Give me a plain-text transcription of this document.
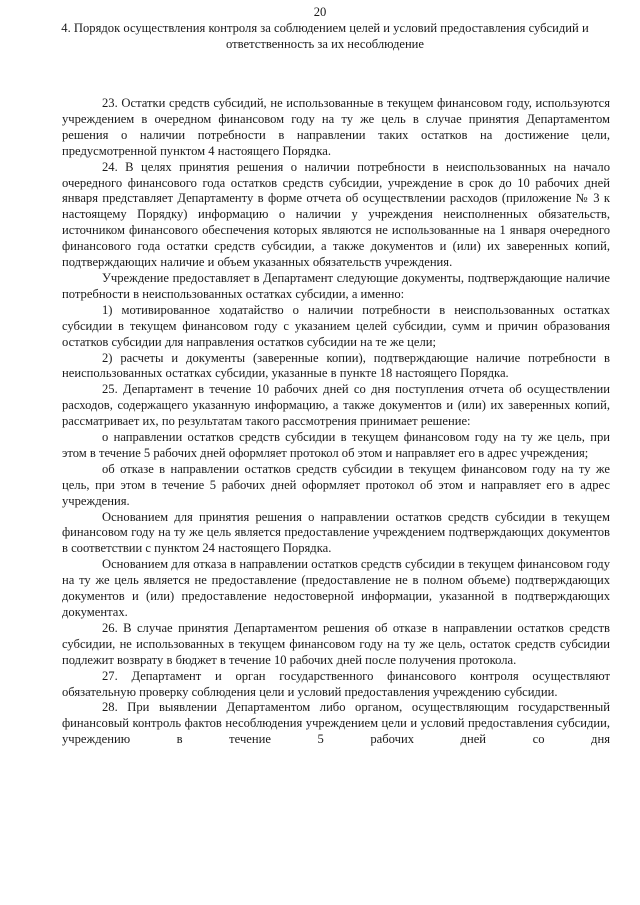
20
4. Порядок осуществления контроля за соблюдением целей и условий предоставления субсидий и ответственность за их несоблюдение

23. Остатки средств субсидий, не использованные в текущем финансовом году, используются учреждением в очередном финансовом году на ту же цель в случае принятия Департаментом решения о наличии потребности в направлении таких остатков на достижение цели, предусмотренной пунктом 4 настоящего Порядка.

24. В целях принятия решения о наличии потребности в неиспользованных на начало очередного финансового года остатков средств субсидии, учреждение в срок до 10 рабочих дней января представляет Департаменту в форме отчета об осуществлении расходов (приложение № 3 к настоящему Порядку) информацию о наличии у учреждения неисполненных обязательств, источником финансового обеспечения которых являются не использованные на 1 января очередного финансового года остатки средств субсидии, а также документов и (или) их заверенных копий, подтверждающих наличие и объем указанных обязательств учреждения.

Учреждение предоставляет в Департамент следующие документы, подтверждающие наличие потребности в неиспользованных остатках субсидии, а именно:

1) мотивированное ходатайство о наличии потребности в неиспользованных остатках субсидии в текущем финансовом году с указанием целей субсидии, сумм и причин образования остатков субсидии для направления остатков субсидии на те же цели;

2) расчеты и документы (заверенные копии), подтверждающие наличие потребности в неиспользованных остатках субсидии, указанные в пункте 18 настоящего Порядка.

25. Департамент в течение 10 рабочих дней со дня поступления отчета об осуществлении расходов, содержащего указанную информацию, а также документов и (или) их заверенных копий, рассматривает их, по результатам такого рассмотрения принимает решение:

о направлении остатков средств субсидии в текущем финансовом году на ту же цель, при этом в течение 5 рабочих дней оформляет протокол об этом и направляет его в адрес учреждения;

об отказе в направлении остатков средств субсидии в текущем финансовом году на ту же цель, при этом в течение 5 рабочих дней оформляет протокол об этом и направляет его в адрес учреждения.

Основанием для принятия решения о направлении остатков средств субсидии в текущем финансовом году на ту же цель является предоставление учреждением подтверждающих документов в соответствии с пунктом 24 настоящего Порядка.

Основанием для отказа в направлении остатков средств субсидии в текущем финансовом году на ту же цель является не предоставление (предоставление не в полном объеме) подтверждающих документов и (или) предоставление недостоверной информации, указанной в подтверждающих документах.

26. В случае принятия Департаментом решения об отказе в направлении остатков средств субсидии, не использованных в текущем финансовом году на ту же цель, остаток средств субсидии подлежит возврату в бюджет в течение 10 рабочих дней после получения протокола.

27. Департамент и орган государственного финансового контроля осуществляют обязательную проверку соблюдения цели и условий предоставления учреждению субсидии.

28. При выявлении Департаментом либо органом, осуществляющим государственный финансовый контроль фактов несоблюдения учреждением цели и условий предоставления субсидии, учреждению в течение 5 рабочих дней со дня
